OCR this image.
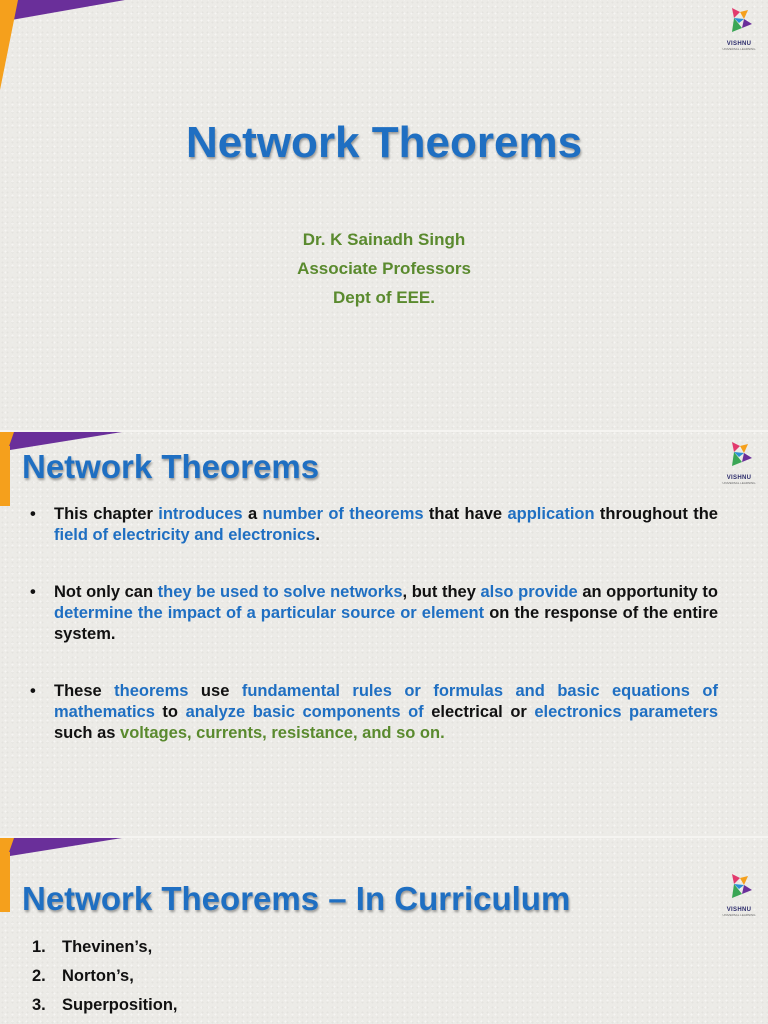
VISHNU
UNIVERSAL LEARNING
Network Theorems
Dr. K Sainadh Singh
Associate Professors
Dept of EEE.
VISHNU
UNIVERSAL LEARNING
Network Theorems
• This chapter introduces a number of theorems that have application throughout the field of electricity and electronics.
• Not only can they be used to solve networks, but they also provide an opportunity to determine the impact of a particular source or element on the response of the entire system.
• These theorems use fundamental rules or formulas and basic equations of mathematics to analyze basic components of electrical or electronics parameters such as voltages, currents, resistance, and so on.
VISHNU
UNIVERSAL LEARNING
Network Theorems – In Curriculum
1. Thevinen’s,
2. Norton’s,
3. Superposition,
